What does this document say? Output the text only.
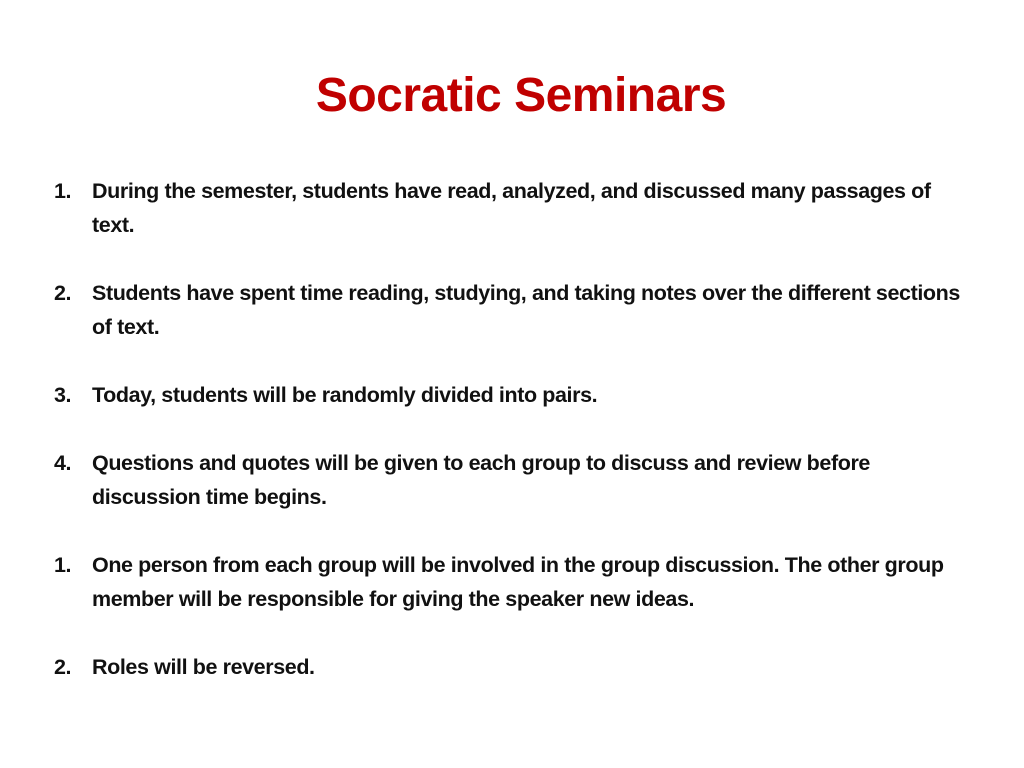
Socratic Seminars
1. During the semester, students have read, analyzed, and discussed many passages of text.
2. Students have spent time reading, studying, and taking notes over the different sections of text.
3. Today, students will be randomly divided into pairs.
4. Questions and quotes will be given to each group to discuss and review before discussion time begins.
1. One person from each group will be involved in the group discussion. The other group member will be responsible for giving the speaker new ideas.
2. Roles will be reversed.
